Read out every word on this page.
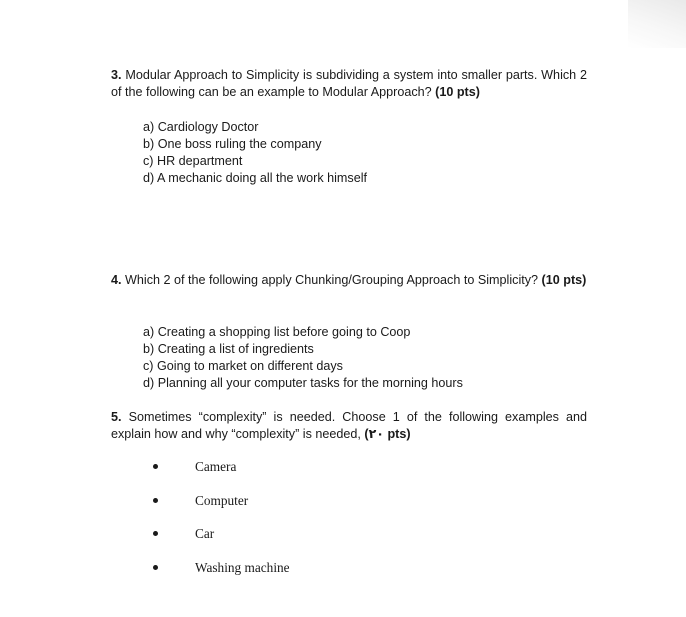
3. Modular Approach to Simplicity is subdividing a system into smaller parts. Which 2 of the following can be an example to Modular Approach? (10 pts)

a) Cardiology Doctor
b) One boss ruling the company
c) HR department
d) A mechanic doing all the work himself

4. Which 2 of the following apply Chunking/Grouping Approach to Simplicity? (10 pts)

a) Creating a shopping list before going to Coop
b) Creating a list of ingredients
c) Going to market on different days
d) Planning all your computer tasks for the morning hours

5. Sometimes “complexity” is needed. Choose 1 of the following examples and explain how and why “complexity” is needed, (٢٠ pts)

Camera
Computer
Car
Washing machine
